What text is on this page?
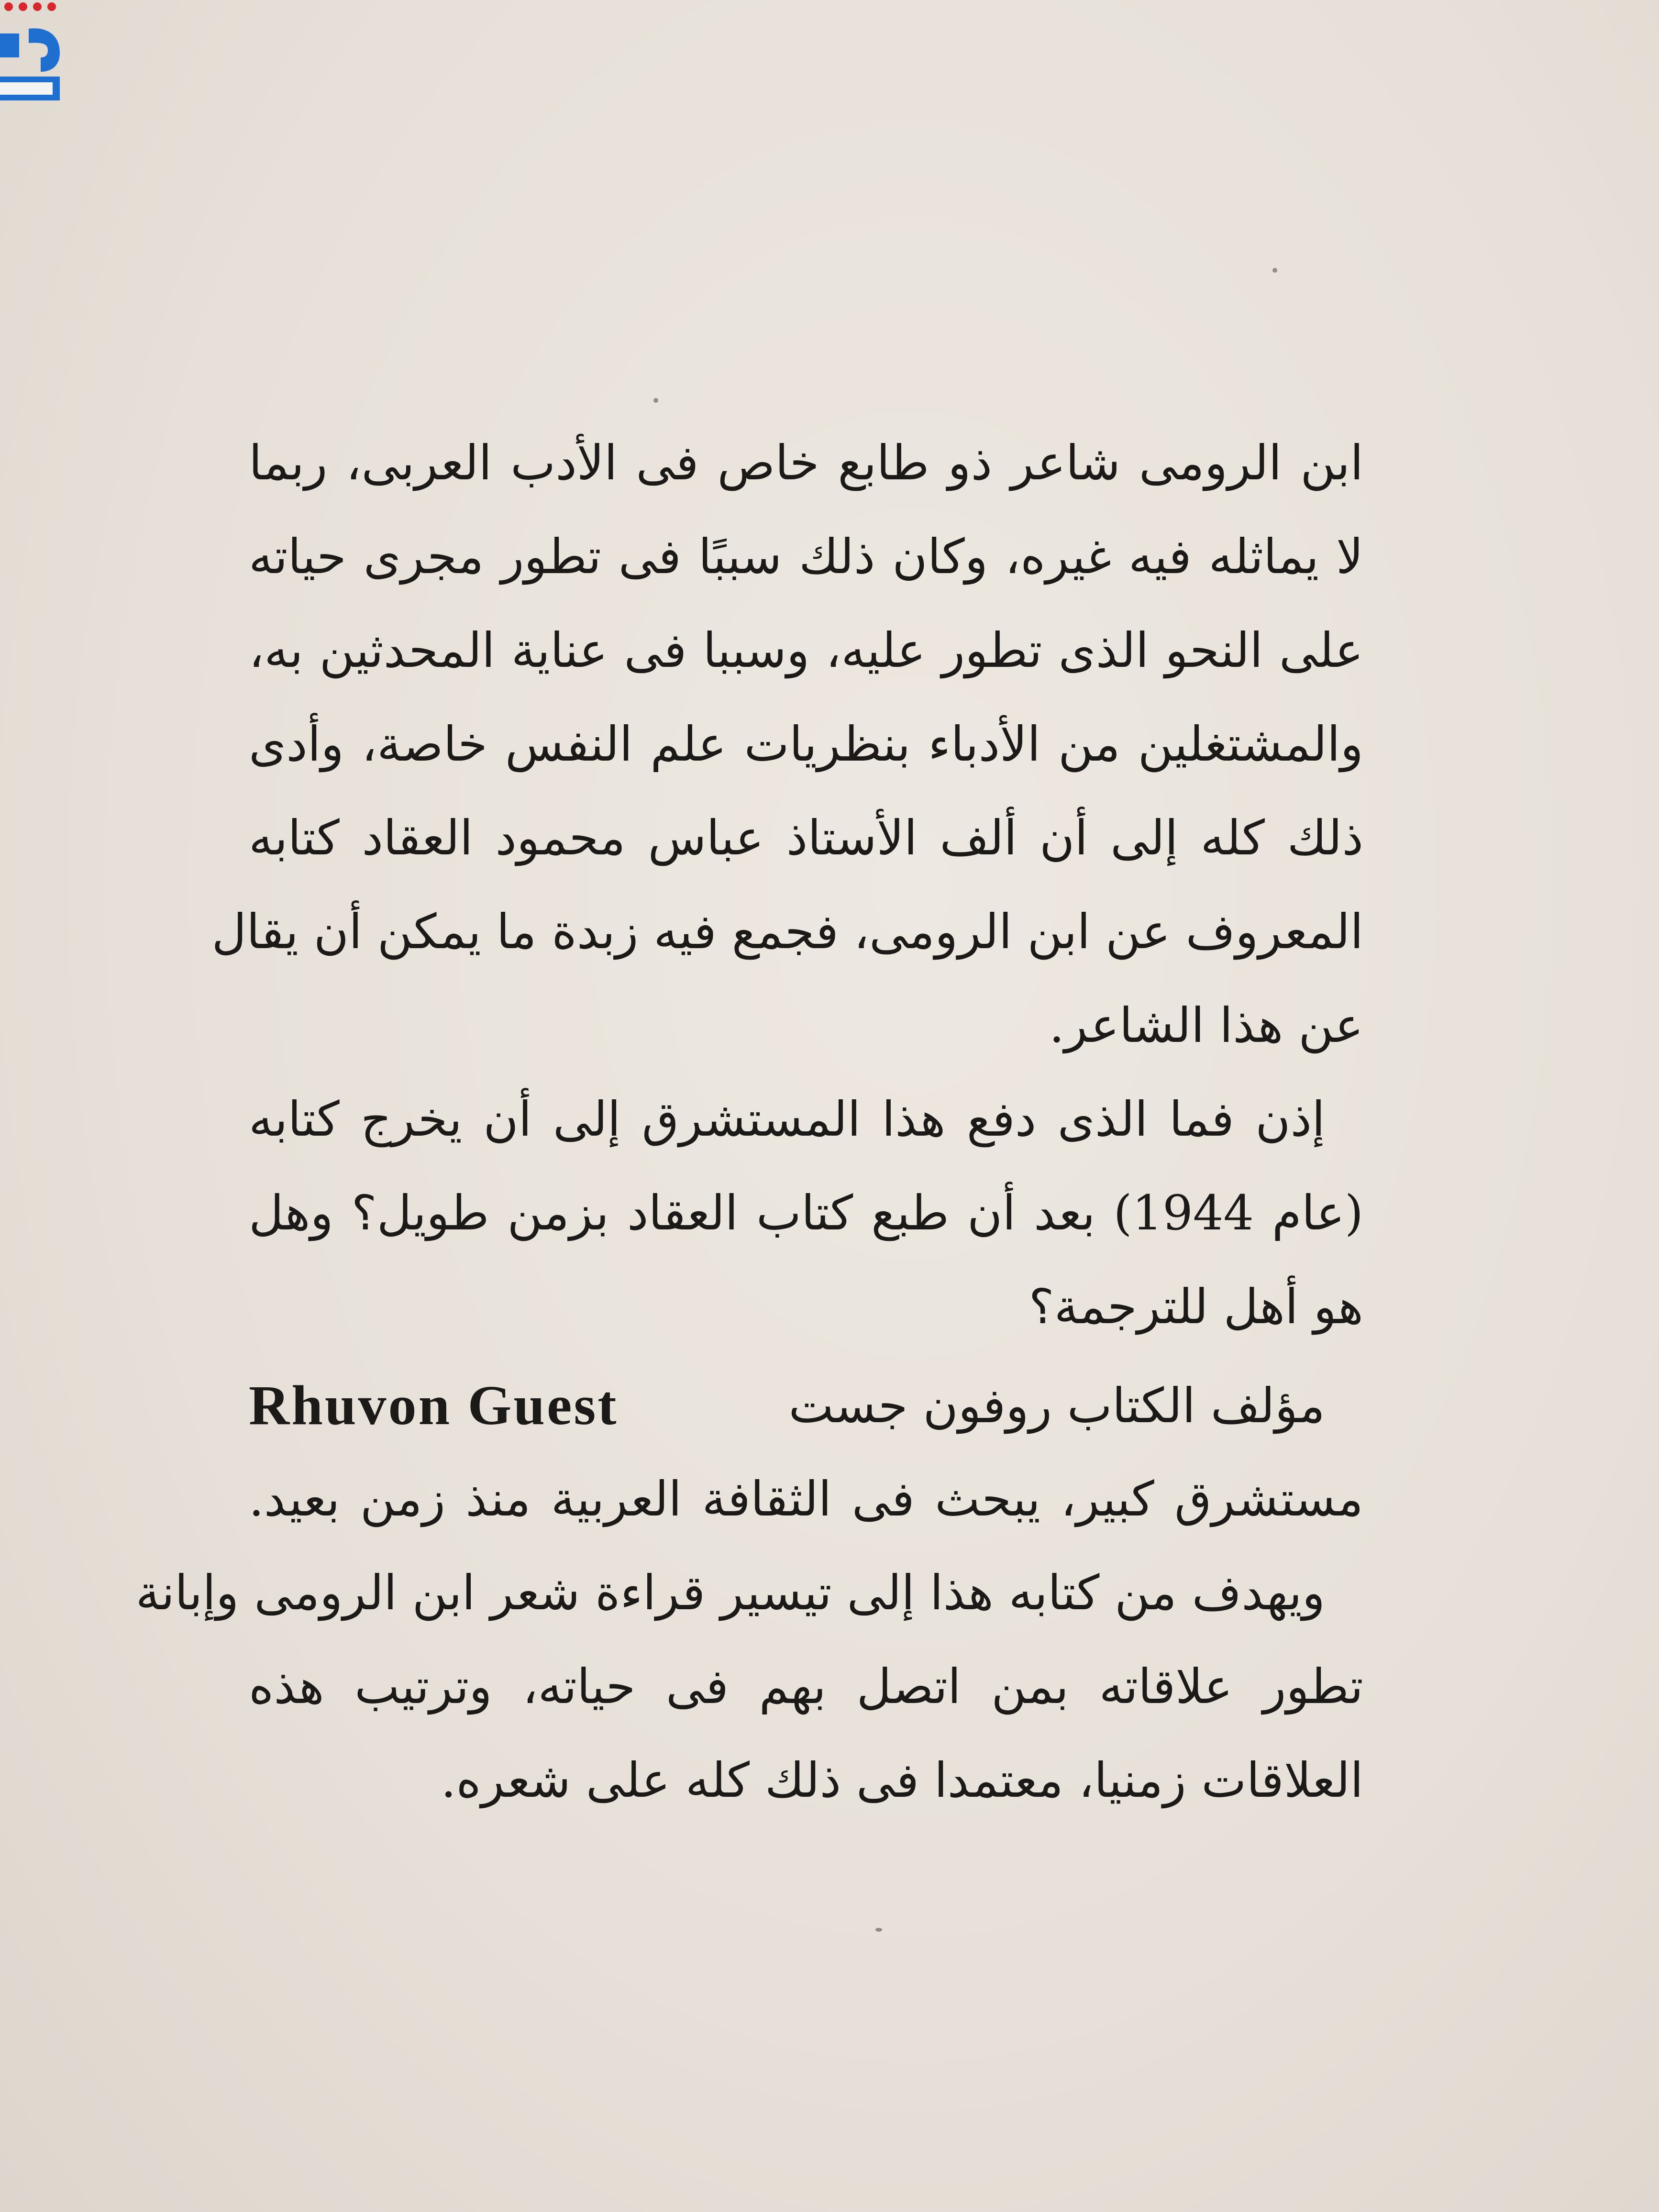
ابن الرومى شاعر ذو طابع خاص فى الأدب العربى، ربما
لا يماثله فيه غيره، وكان ذلك سببًا فى تطور مجرى حياته
على النحو الذى تطور عليه، وسببا فى عناية المحدثين به،
والمشتغلين من الأدباء بنظريات علم النفس خاصة، وأدى
ذلك كله إلى أن ألف الأستاذ عباس محمود العقاد كتابه
المعروف عن ابن الرومى، فجمع فيه زبدة ما يمكن أن يقال
عن هذا الشاعر.
إذن فما الذى دفع هذا المستشرق إلى أن يخرج كتابه
(عام 1944) بعد أن طبع كتاب العقاد بزمن طويل؟ وهل
هو أهل للترجمة؟
مؤلف الكتاب روفون جست
Rhuvon Guest
مستشرق كبير، يبحث فى الثقافة العربية منذ زمن بعيد.
ويهدف من كتابه هذا إلى تيسير قراءة شعر ابن الرومى وإبانة
تطور علاقاته بمن اتصل بهم فى حياته، وترتيب هذه
العلاقات زمنيا، معتمدا فى ذلك كله على شعره.
